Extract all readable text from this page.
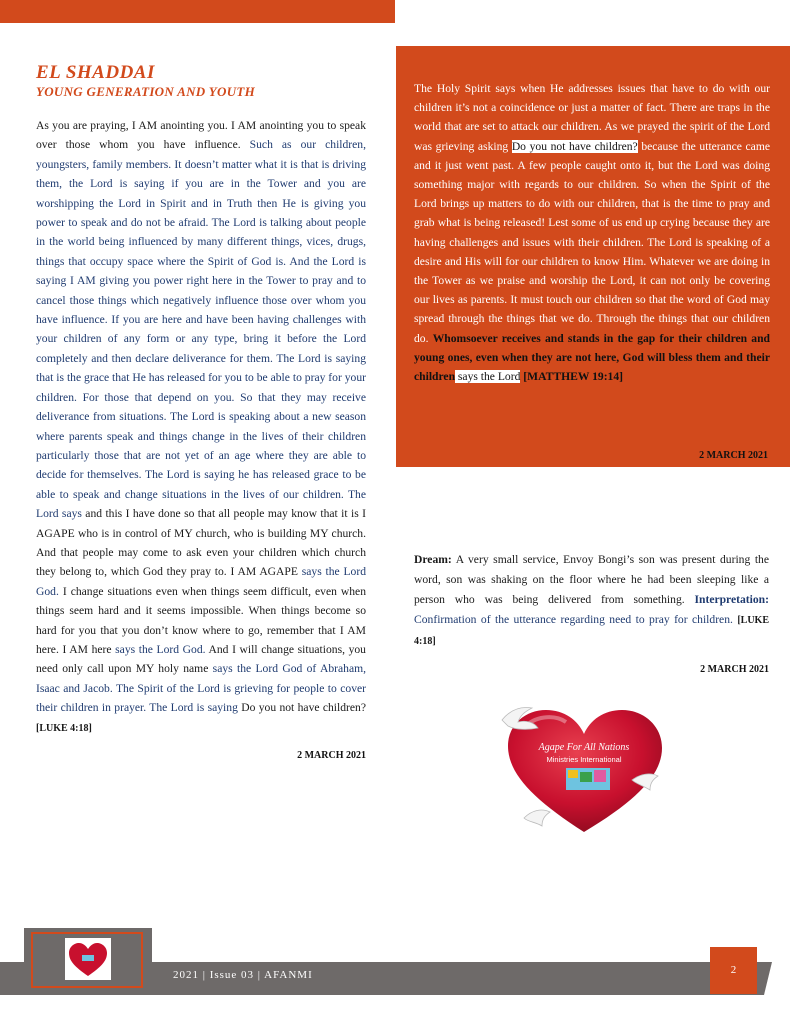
EL SHADDAI
YOUNG GENERATION AND YOUTH

As you are praying, I AM anointing you. I AM anointing you to speak over those whom you have influence. Such as our children, youngsters, family members. It doesn’t matter what it is that is driving them, the Lord is saying if you are in the Tower and you are worshipping the Lord in Spirit and in Truth then He is giving you power to speak and do not be afraid. The Lord is talking about people in the world being influenced by many different things, vices, drugs, things that occupy space where the Spirit of God is. And the Lord is saying I AM giving you power right here in the Tower to pray and to cancel those things which negatively influence those over whom you have influence. If you are here and have been having challenges with your children of any form or any type, bring it before the Lord completely and then declare deliverance for them. The Lord is saying that is the grace that He has released for you to be able to pray for your children. For those that depend on you. So that they may receive deliverance from situations. The Lord is speaking about a new season where parents speak and things change in the lives of their children particularly those that are not yet of an age where they are able to decide for themselves. The Lord is saying he has released grace to be able to speak and change situations in the lives of our children. The Lord says and this I have done so that all people may know that it is I AGAPE who is in control of MY church, who is building MY church. And that people may come to ask even your children which church they belong to, which God they pray to. I AM AGAPE says the Lord God. I change situations even when things seem difficult, even when things seem hard and it seems impossible. When things become so hard for you that you don’t know where to go, remember that I AM here. I AM here says the Lord God. And I will change situations, you need only call upon MY holy name says the Lord God of Abraham, Isaac and Jacob. The Spirit of the Lord is grieving for people to cover their children in prayer. The Lord is saying Do you not have children? [LUKE 4:18]

2 MARCH 2021

The Holy Spirit says when He addresses issues that have to do with our children it’s not a coincidence or just a matter of fact. There are traps in the world that are set to attack our children. As we prayed the spirit of the Lord was grieving asking Do you not have children? because the utterance came and it just went past. A few people caught onto it, but the Lord was doing something major with regards to our children. So when the Spirit of the Lord brings up matters to do with our children, that is the time to pray and grab what is being released! Lest some of us end up crying because they are having challenges and issues with their children. The Lord is speaking of a desire and His will for our children to know Him. Whatever we are doing in the Tower as we praise and worship the Lord, it can not only be covering our lives as parents. It must touch our children so that the word of God may spread through the things that we do. Through the things that our children do. Whomsoever receives and stands in the gap for their children and young ones, even when they are not here, God will bless them and their children says the Lord [MATTHEW 19:14]

2 MARCH 2021

Dream: A very small service, Envoy Bongi’s son was present during the word, son was shaking on the floor where he had been sleeping like a person who was being delivered from something. Interpretation: Confirmation of the utterance regarding need to pray for children. [LUKE 4:18]

2 MARCH 2021
Agape For All Nations
Ministries International
2021 | Issue 03 | AFANMI	2
